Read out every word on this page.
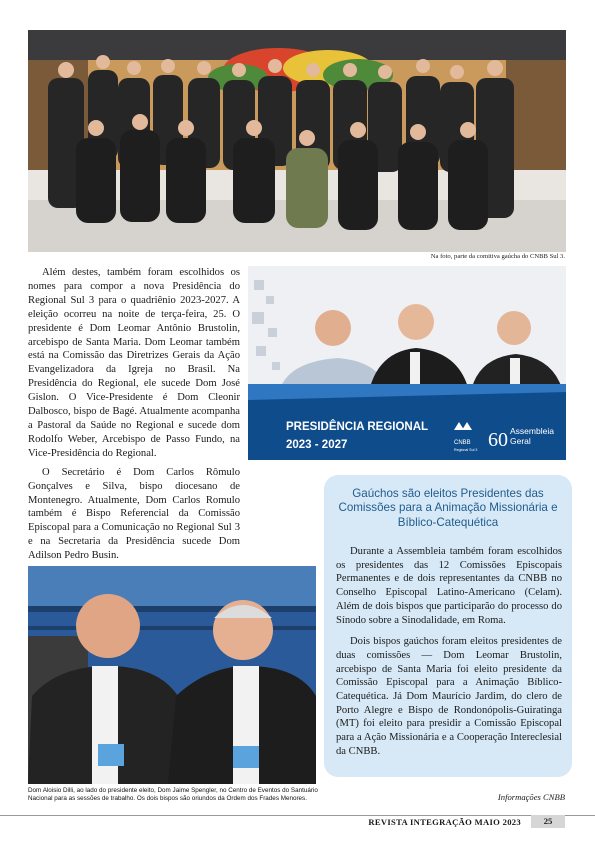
Na foto, parte da comitiva gaúcha do CNBB Sul 3.

Além destes, também foram escolhidos os nomes para compor a nova Presidência do Regional Sul 3 para o quadriênio 2023-2027. A eleição ocorreu na noite de terça-feira, 25. O presidente é Dom Leomar Antônio Brustolin, arcebispo de Santa Maria. Dom Leomar também está na Comissão das Diretrizes Gerais da Ação Evangelizadora da Igreja no Brasil. Na Presidência do Regional, ele sucede Dom José Gislon. O Vice-Presidente é Dom Cleonir Dalbosco, bispo de Bagé. Atualmente acompanha a Pastoral da Saúde no Regional e sucede dom Rodolfo Weber, Arcebispo de Passo Fundo, na Vice-Presidência do Regional.

O Secretário é Dom Carlos Rômulo Gonçalves e Silva, bispo diocesano de Montenegro. Atualmente, Dom Carlos Romulo também é Bispo Referencial da Comissão Episcopal para a Comunicação no Regional Sul 3 e na Secretaria da Presidência sucede Dom Adilson Pedro Busin.

PRESIDÊNCIA REGIONAL
2023 - 2027	CNBB
Regional Sul 3 60 Assembleia
Geral
Gaúchos são eleitos Presidentes das Comissões para a Animação Missionária e Bíblico-Catequética

Durante a Assembleia também foram escolhidos os presidentes das 12 Comissões Episcopais Permanentes e de dois representantes da CNBB no Conselho Episcopal Latino-Americano (Celam). Além de dois bispos que participarão do processo do Sínodo sobre a Sinodalidade, em Roma.

Dois bispos gaúchos foram eleitos presidentes de duas comissões — Dom Leomar Brustolin, arcebispo de Santa Maria foi eleito presidente da Comissão Episcopal para a Animação Bíblico-Catequética. Já Dom Maurício Jardim, do clero de Porto Alegre e Bispo de Rondonópolis-Guiratinga (MT) foi eleito para presidir a Comissão Episcopal para a Ação Missionária e a Cooperação Intereclesial da CNBB.

Dom Aloisio Dilli, ao lado do presidente eleito, Dom Jaime Spengler, no Centro de Eventos do Santuário Nacional para as sessões de trabalho. Os dois bispos são oriundos da Ordem dos Frades Menores.	Informações CNBB
REVISTA INTEGRAÇÃO MAIO 2023	25
